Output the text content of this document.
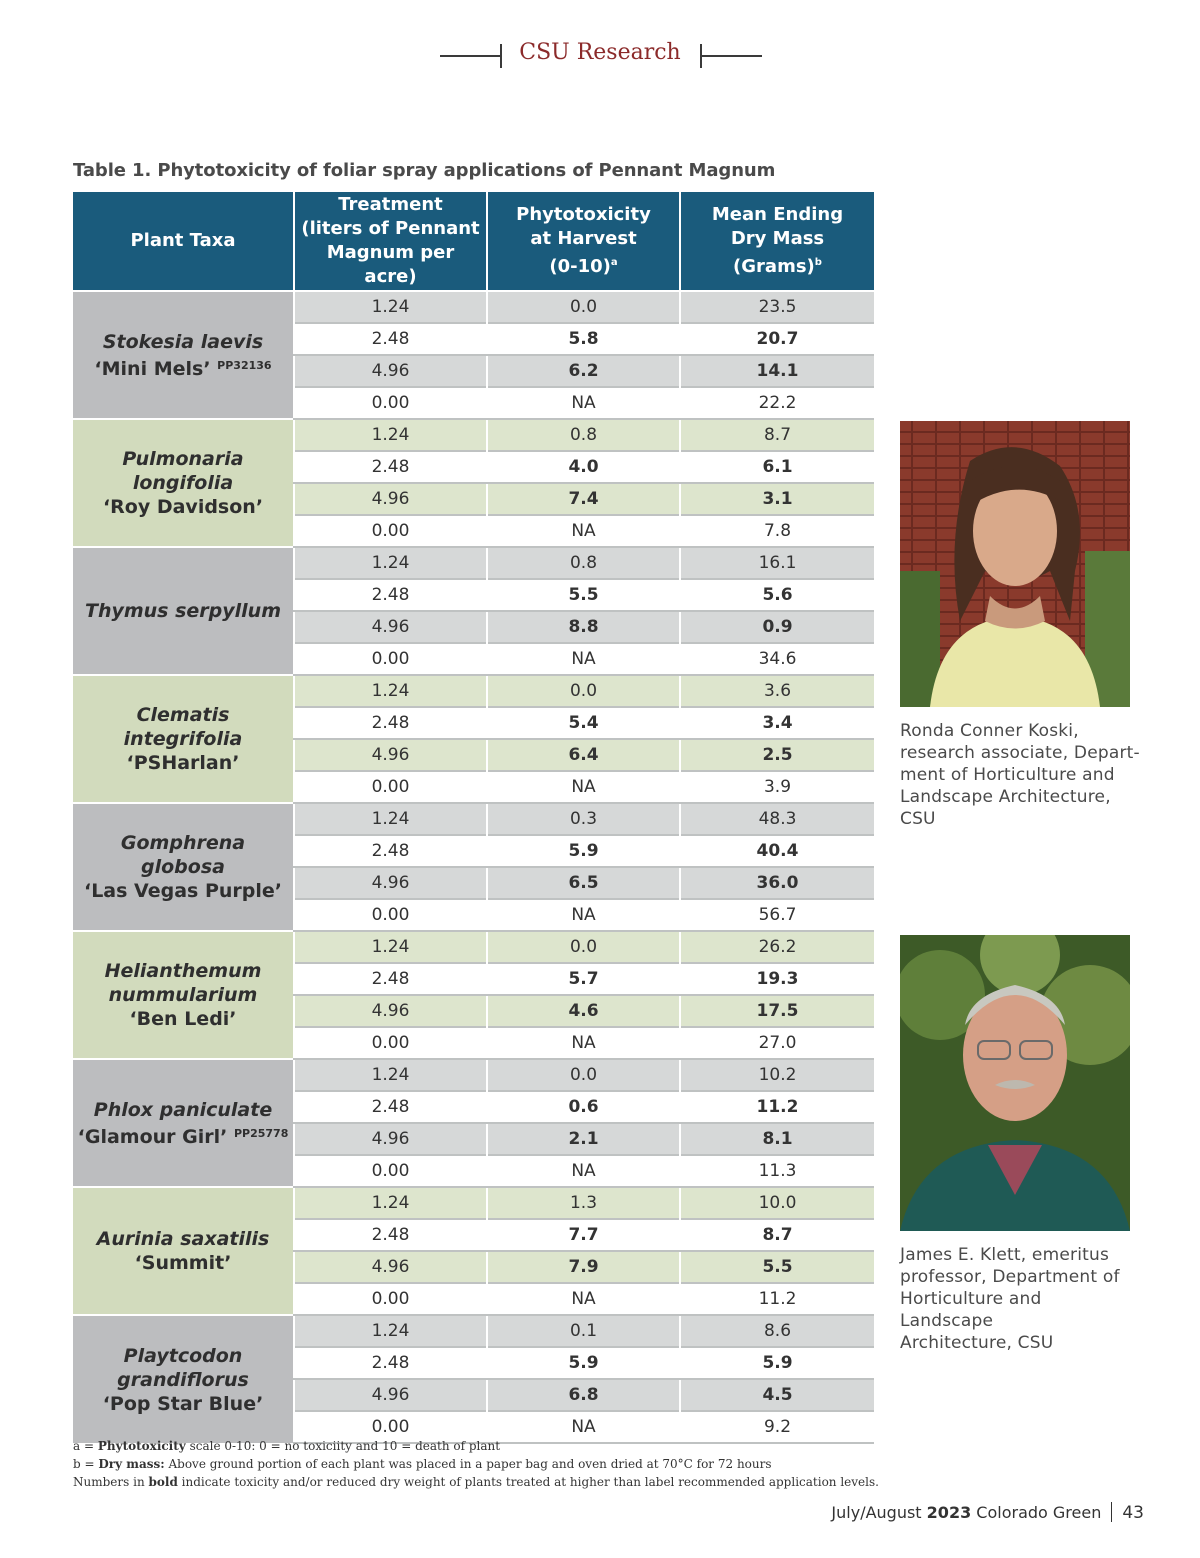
CSU Research
Table 1. Phytotoxicity of foliar spray applications of Pennant Magnum
Plant Taxa	Treatment
(liters of Pennant
Magnum per acre)	Phytotoxicity
at Harvest
$(0-10)^a$	Mean Ending
Dry Mass (Grams)$^b$
Stokesia laevis
‘Mini Mels’ $^{PP32136}$	1.24	0.0	23.5
	2.48	5.8	20.7
	4.96	6.2	14.1
	0.00	NA	22.2
Pulmonaria longifolia
‘Roy Davidson’	1.24	0.8	8.7
	2.48	4.0	6.1
	4.96	7.4	3.1
	0.00	NA	7.8
Thymus serpyllum	1.24	0.8	16.1
	2.48	5.5	5.6
	4.96	8.8	0.9
	0.00	NA	34.6
Clematis integrifolia
‘PSHarlan’	1.24	0.0	3.6
	2.48	5.4	3.4
	4.96	6.4	2.5
	0.00	NA	3.9
Gomphrena globosa
‘Las Vegas Purple’	1.24	0.3	48.3
	2.48	5.9	40.4
	4.96	6.5	36.0
	0.00	NA	56.7
Helianthemum
nummularium
‘Ben Ledi’	1.24	0.0	26.2
	2.48	5.7	19.3
	4.96	4.6	17.5
	0.00	NA	27.0
Phlox paniculate
‘Glamour Girl’ $^{PP25778}$	1.24	0.0	10.2
	2.48	0.6	11.2
	4.96	2.1	8.1
	0.00	NA	11.3
Aurinia saxatilis
‘Summit’	1.24	1.3	10.0
	2.48	7.7	8.7
	4.96	7.9	5.5
	0.00	NA	11.2
Playtcodon
grandiflorus
‘Pop Star Blue’	1.24	0.1	8.6
	2.48	5.9	5.9
	4.96	6.8	4.5
	0.00	NA	9.2
Ronda Conner Koski,
research associate, Depart-
ment of Horticulture and
Landscape Architecture,
CSU
James E. Klett, emeritus
professor, Department of
Horticulture and Landscape
Architecture, CSU
a = Phytotoxicity scale 0-10: 0 = no toxiciity and 10 = death of plant
b = Dry mass: Above ground portion of each plant was placed in a paper bag and oven dried at 70°C for 72 hours
Numbers in bold indicate toxicity and/or reduced dry weight of plants treated at higher than label recommended application levels.
July/August 2023 Colorado Green 43
